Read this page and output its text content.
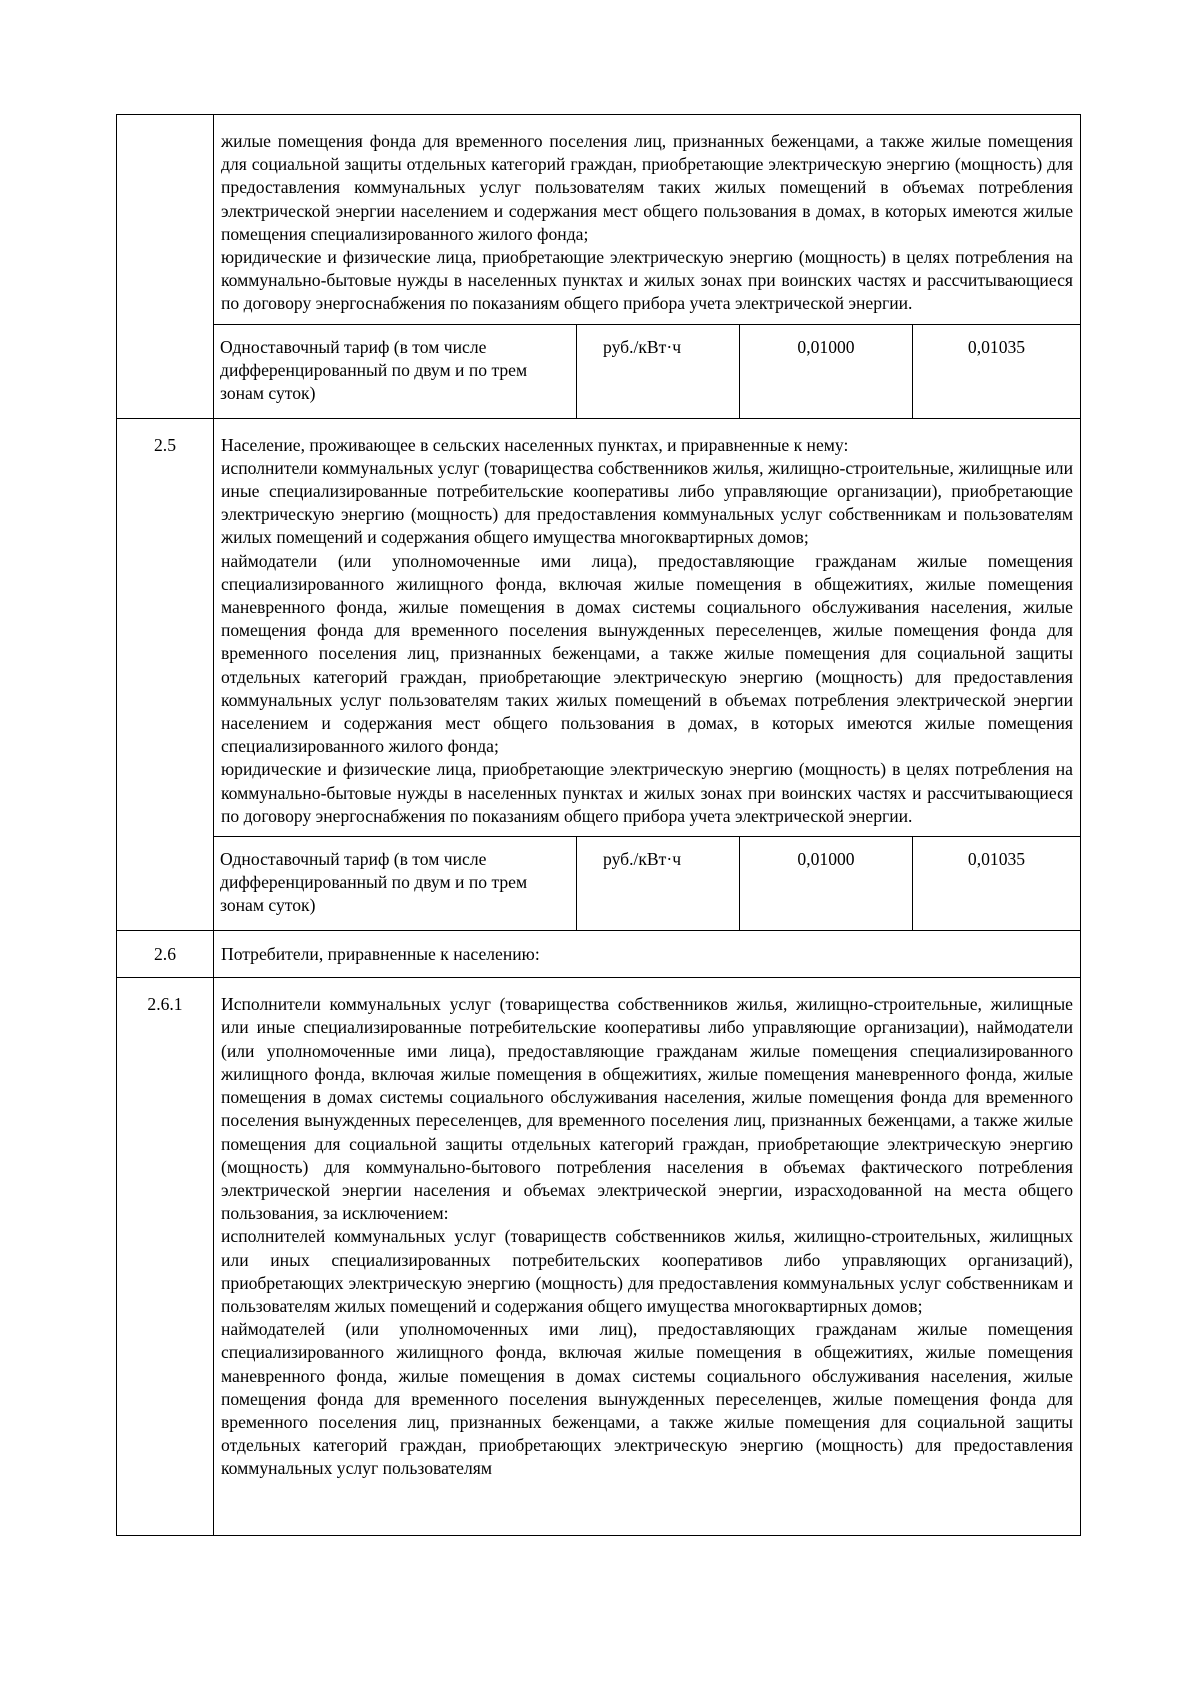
жилые помещения фонда для временного поселения лиц, признанных беженцами, а также жилые помещения для социальной защиты отдельных категорий граждан, приобретающие электрическую энергию (мощность) для предоставления коммунальных услуг пользователям таких жилых помещений в объемах потребления электрической энергии населением и содержания мест общего пользования в домах, в которых имеются жилые помещения специализированного жилого фонда;
юридические и физические лица, приобретающие электрическую энергию (мощность) в целях потребления на коммунально-бытовые нужды в населенных пунктах и жилых зонах при воинских частях и рассчитывающиеся по договору энергоснабжения по показаниям общего прибора учета электрической энергии.
Одноставочный тариф (в том числе дифференцированный по двум и по трем зонам суток)	руб./кВт·ч	0,01000	0,01035

2.5	Население, проживающее в сельских населенных пунктах, и приравненные к нему:
исполнители коммунальных услуг (товарищества собственников жилья, жилищно-строительные, жилищные или иные специализированные потребительские кооперативы либо управляющие организации), приобретающие электрическую энергию (мощность) для предоставления коммунальных услуг собственникам и пользователям жилых помещений и содержания общего имущества многоквартирных домов;
наймодатели (или уполномоченные ими лица), предоставляющие гражданам жилые помещения специализированного жилищного фонда, включая жилые помещения в общежитиях, жилые помещения маневренного фонда, жилые помещения в домах системы социального обслуживания населения, жилые помещения фонда для временного поселения вынужденных переселенцев, жилые помещения фонда для временного поселения лиц, признанных беженцами, а также жилые помещения для социальной защиты отдельных категорий граждан, приобретающие электрическую энергию (мощность) для предоставления коммунальных услуг пользователям таких жилых помещений в объемах потребления электрической энергии населением и содержания мест общего пользования в домах, в которых имеются жилые помещения специализированного жилого фонда;
юридические и физические лица, приобретающие электрическую энергию (мощность) в целях потребления на коммунально-бытовые нужды в населенных пунктах и жилых зонах при воинских частях и рассчитывающиеся по договору энергоснабжения по показаниям общего прибора учета электрической энергии.
Одноставочный тариф (в том числе дифференцированный по двум и по трем зонам суток)	руб./кВт·ч	0,01000	0,01035

2.6	Потребители, приравненные к населению:

2.6.1	Исполнители коммунальных услуг (товарищества собственников жилья, жилищно-строительные, жилищные или иные специализированные потребительские кооперативы либо управляющие организации), наймодатели (или уполномоченные ими лица), предоставляющие гражданам жилые помещения специализированного жилищного фонда, включая жилые помещения в общежитиях, жилые помещения маневренного фонда, жилые помещения в домах системы социального обслуживания населения, жилые помещения фонда для временного поселения вынужденных переселенцев, для временного поселения лиц, признанных беженцами, а также жилые помещения для социальной защиты отдельных категорий граждан, приобретающие электрическую энергию (мощность) для коммунально-бытового потребления населения в объемах фактического потребления электрической энергии населения и объемах электрической энергии, израсходованной на места общего пользования, за исключением:
исполнителей коммунальных услуг (товариществ собственников жилья, жилищно-строительных, жилищных или иных специализированных потребительских кооперативов либо управляющих организаций), приобретающих электрическую энергию (мощность) для предоставления коммунальных услуг собственникам и пользователям жилых помещений и содержания общего имущества многоквартирных домов;
наймодателей (или уполномоченных ими лиц), предоставляющих гражданам жилые помещения специализированного жилищного фонда, включая жилые помещения в общежитиях, жилые помещения маневренного фонда, жилые помещения в домах системы социального обслуживания населения, жилые помещения фонда для временного поселения вынужденных переселенцев, жилые помещения фонда для временного поселения лиц, признанных беженцами, а также жилые помещения для социальной защиты отдельных категорий граждан, приобретающих электрическую энергию (мощность) для предоставления коммунальных услуг пользователям
